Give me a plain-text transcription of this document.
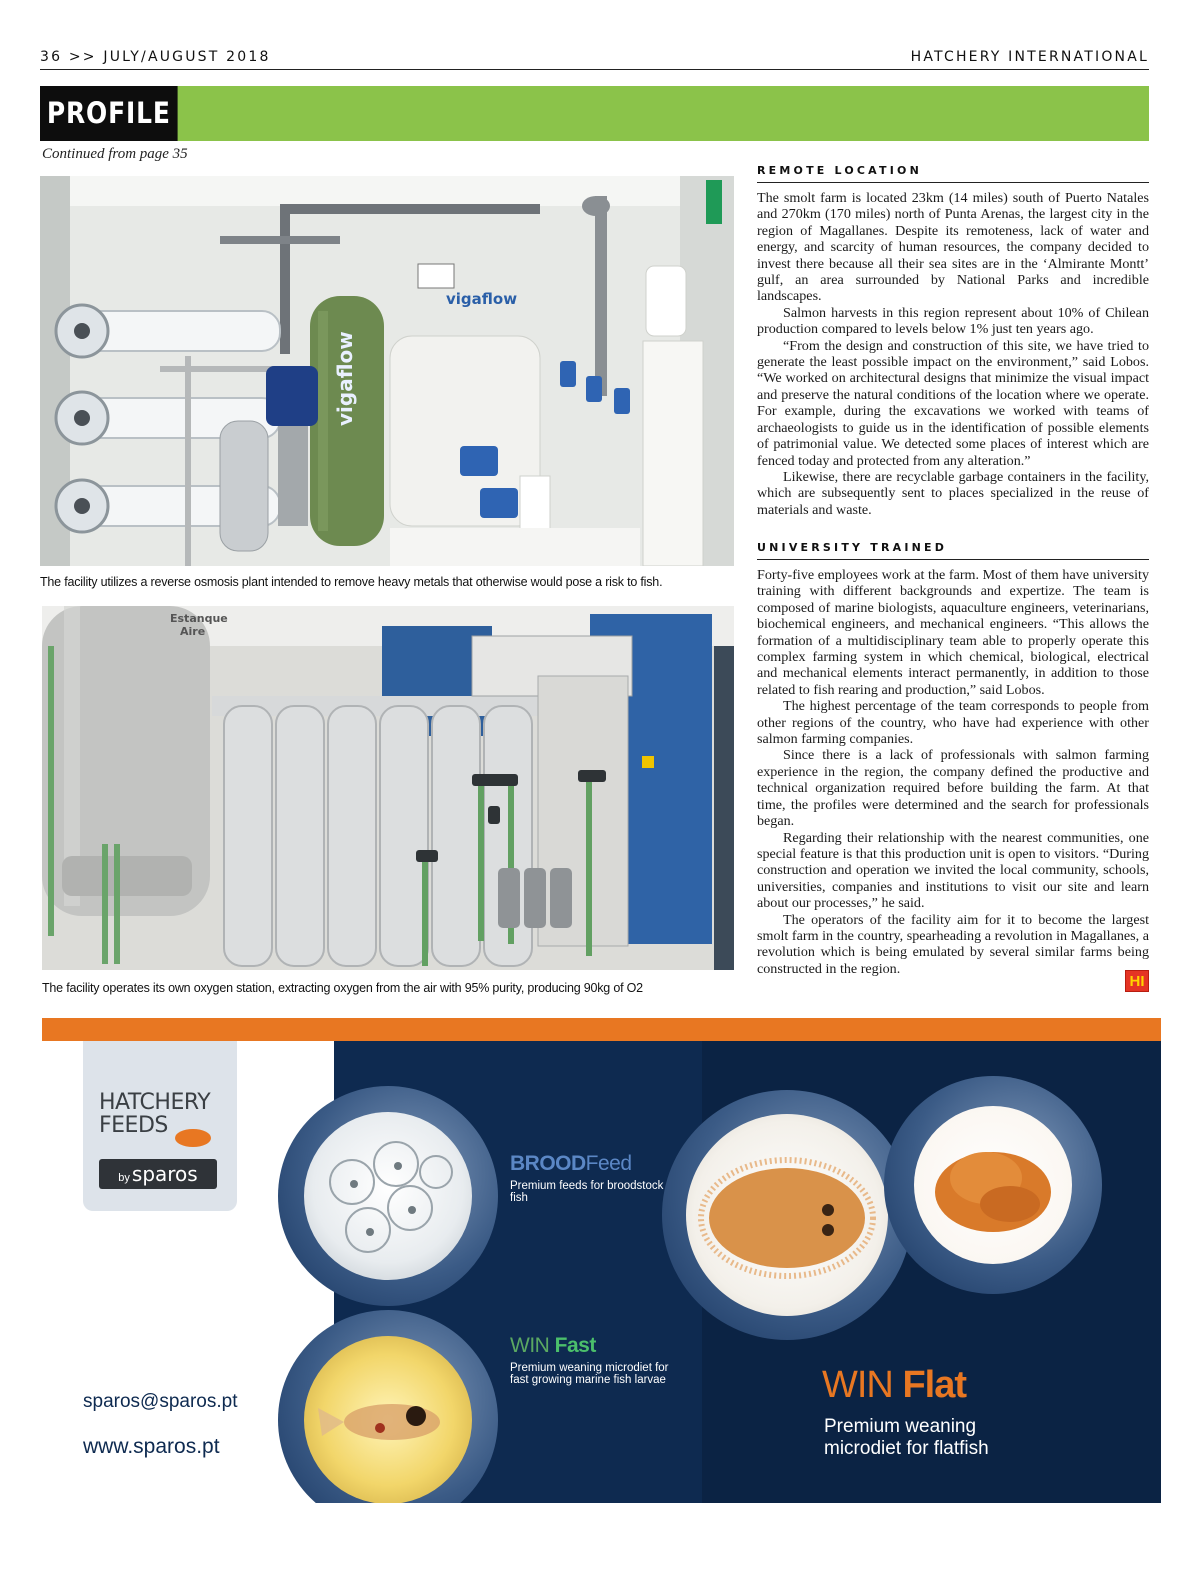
36 >> JULY/AUGUST 2018	HATCHERY INTERNATIONAL
PROFILE
Continued from page 35
vigaflow
vigaflow
The facility utilizes a reverse osmosis plant intended to remove heavy metals that otherwise would pose a risk to fish.
Estanque
Aire
The facility operates its own oxygen station, extracting oxygen from the air with 95% purity, producing 90kg of O2
REMOTE LOCATION

The smolt farm is located 23km (14 miles) south of Puerto Natales and 270km (170 miles) north of Punta Arenas, the largest city in the region of Magallanes. Despite its remoteness, lack of water and energy, and scarcity of human resources, the company decided to invest there because all their sea sites are in the ‘Almirante Montt’ gulf, an area surrounded by National Parks and incredible landscapes.

Salmon harvests in this region represent about 10% of Chilean production compared to levels below 1% just ten years ago.

“From the design and construction of this site, we have tried to generate the least possible impact on the environment,” said Lobos. “We worked on architectural designs that minimize the visual impact and preserve the natural conditions of the location where we operate. For example, during the excavations we worked with teams of archaeologists to guide us in the identification of possible elements of patrimonial value. We detected some places of interest which are fenced today and protected from any alteration.”

Likewise, there are recyclable garbage containers in the facility, which are subsequently sent to places specialized in the reuse of materials and waste.

UNIVERSITY TRAINED

Forty-five employees work at the farm. Most of them have university training with different backgrounds and expertize. The team is composed of marine biologists, aquaculture engineers, veterinarians, biochemical engineers, and mechanical engineers. “This allows the formation of a multidisciplinary team able to properly operate this complex farming system in which chemical, biological, electrical and mechanical elements interact permanently, in addition to those related to fish rearing and production,” said Lobos.

The highest percentage of the team corresponds to people from other regions of the country, who have had experience with other salmon farming companies.

Since there is a lack of professionals with salmon farming experience in the region, the company defined the productive and technical organization required before building the farm. At that time, the profiles were determined and the search for professionals began.

Regarding their relationship with the nearest communities, one special feature is that this production unit is open to visitors. “During construction and operation we invited the local community, schools, universities, companies and institutions to visit our site and learn about our processes,” he said.

The operators of the facility aim for it to become the largest smolt farm in the country, spearheading a revolution in Magallanes, a revolution which is being emulated by several similar farms being constructed in the region.

HI
HATCHERY
FEEDS
by sparos
sparos@sparos.pt
www.sparos.pt
BROODFeed
Premium feeds for broodstock fish
WIN Fast
Premium weaning microdiet for fast growing marine fish larvae	WIN Flat
Premium weaning microdiet for flatfish
